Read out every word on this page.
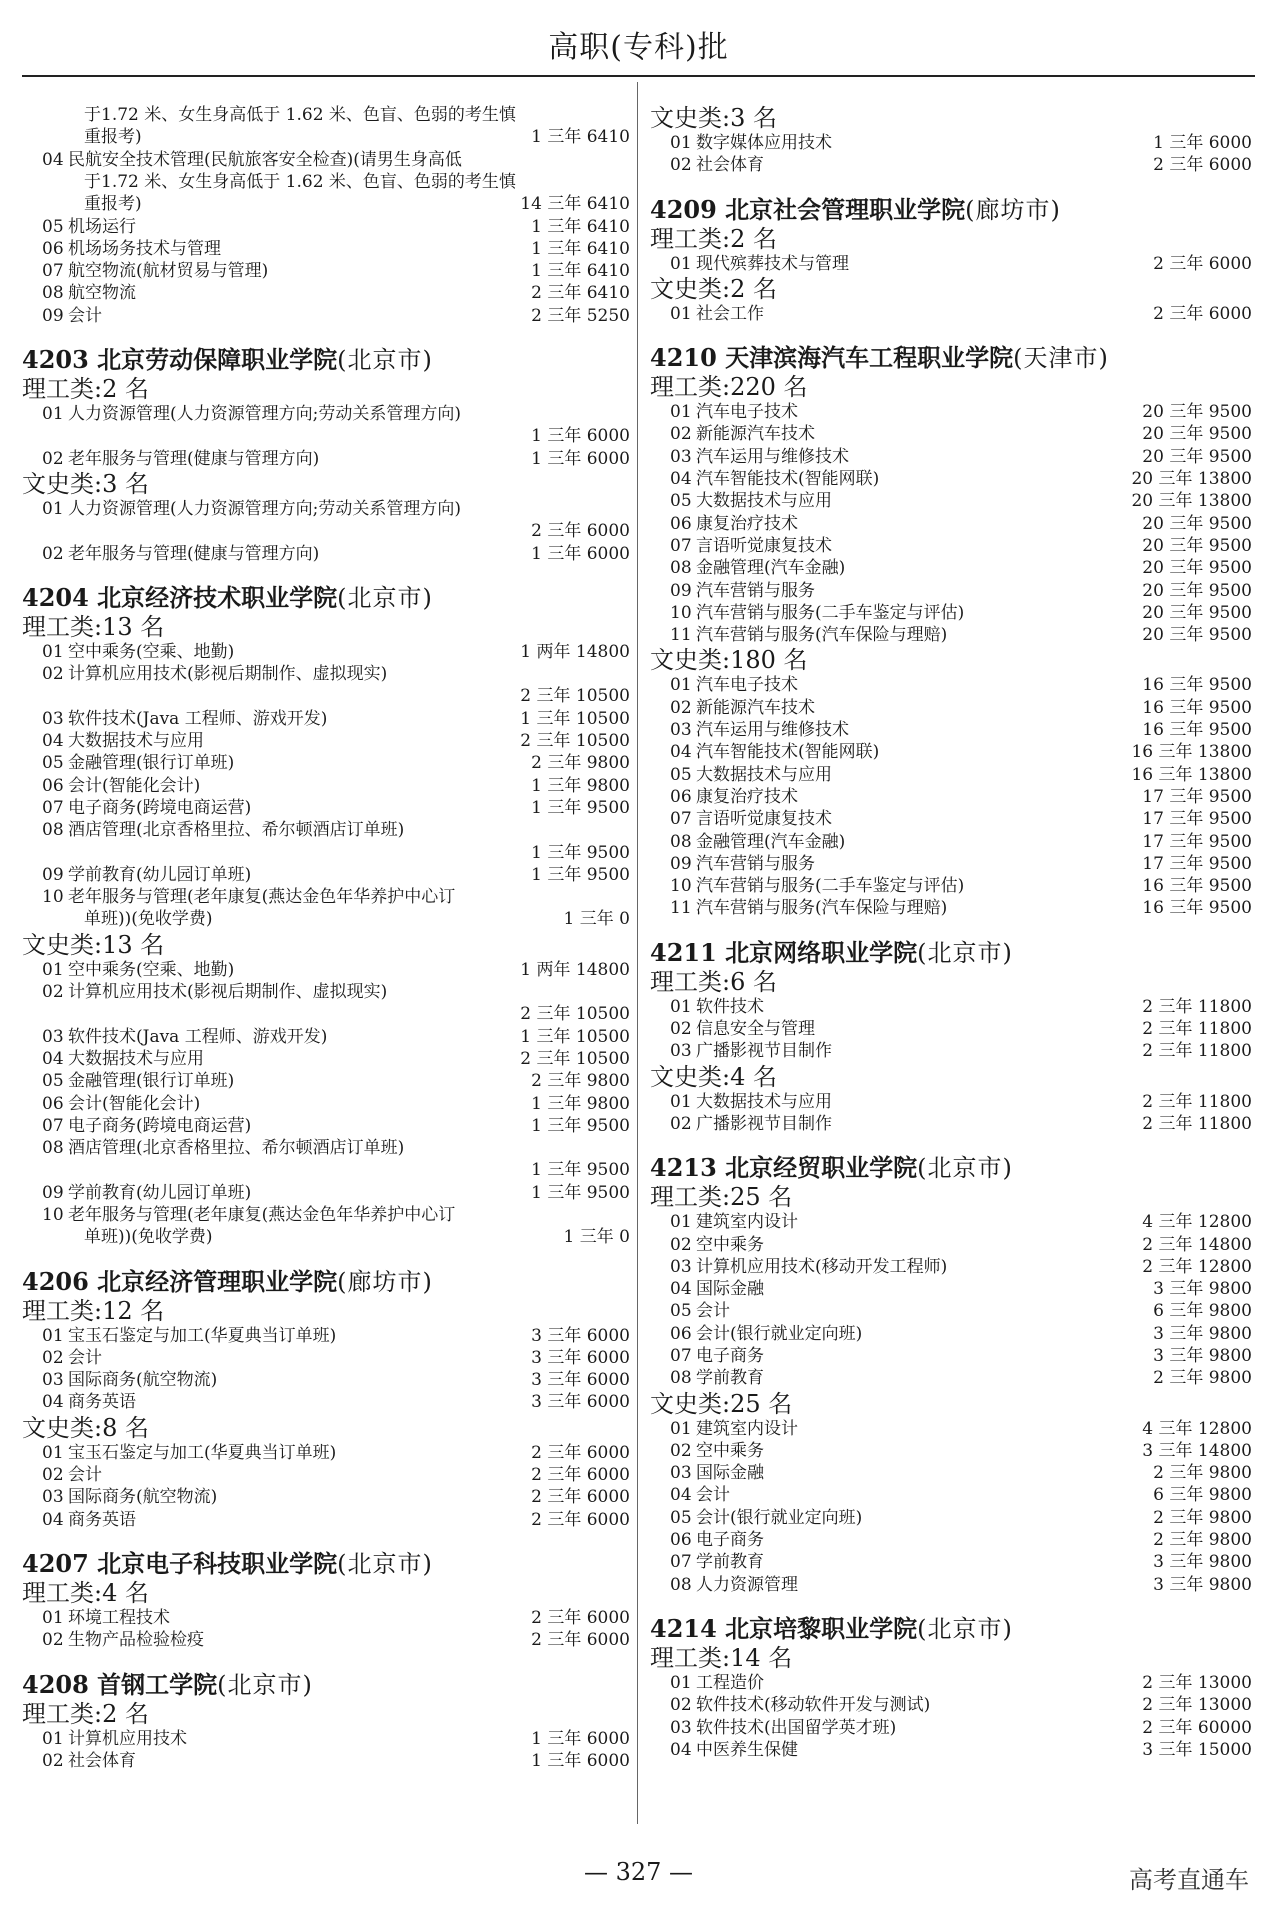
高职(专科)批
于1.72 米、女生身高低于 1.62 米、色盲、色弱的考生慎
重报考)	1 三年 6410
04 民航安全技术管理(民航旅客安全检查)(请男生身高低
于1.72 米、女生身高低于 1.62 米、色盲、色弱的考生慎
重报考)	14 三年 6410
05 机场运行	1 三年 6410
06 机场场务技术与管理	1 三年 6410
07 航空物流(航材贸易与管理)	1 三年 6410
08 航空物流	2 三年 6410
09 会计	2 三年 5250
4203 北京劳动保障职业学院(北京市)
理工类:2 名
01 人力资源管理(人力资源管理方向;劳动关系管理方向)
1 三年 6000
02 老年服务与管理(健康与管理方向)	1 三年 6000
文史类:3 名
01 人力资源管理(人力资源管理方向;劳动关系管理方向)
2 三年 6000
02 老年服务与管理(健康与管理方向)	1 三年 6000
4204 北京经济技术职业学院(北京市)
理工类:13 名
01 空中乘务(空乘、地勤)	1 两年 14800
02 计算机应用技术(影视后期制作、虚拟现实)
2 三年 10500
03 软件技术(Java 工程师、游戏开发)	1 三年 10500
04 大数据技术与应用	2 三年 10500
05 金融管理(银行订单班)	2 三年 9800
06 会计(智能化会计)	1 三年 9800
07 电子商务(跨境电商运营)	1 三年 9500
08 酒店管理(北京香格里拉、希尔顿酒店订单班)
1 三年 9500
09 学前教育(幼儿园订单班)	1 三年 9500
10 老年服务与管理(老年康复(燕达金色年华养护中心订
单班))(免收学费)	1 三年 0
文史类:13 名
01 空中乘务(空乘、地勤)	1 两年 14800
02 计算机应用技术(影视后期制作、虚拟现实)
2 三年 10500
03 软件技术(Java 工程师、游戏开发)	1 三年 10500
04 大数据技术与应用	2 三年 10500
05 金融管理(银行订单班)	2 三年 9800
06 会计(智能化会计)	1 三年 9800
07 电子商务(跨境电商运营)	1 三年 9500
08 酒店管理(北京香格里拉、希尔顿酒店订单班)
1 三年 9500
09 学前教育(幼儿园订单班)	1 三年 9500
10 老年服务与管理(老年康复(燕达金色年华养护中心订
单班))(免收学费)	1 三年 0
4206 北京经济管理职业学院(廊坊市)
理工类:12 名
01 宝玉石鉴定与加工(华夏典当订单班)	3 三年 6000
02 会计	3 三年 6000
03 国际商务(航空物流)	3 三年 6000
04 商务英语	3 三年 6000
文史类:8 名
01 宝玉石鉴定与加工(华夏典当订单班)	2 三年 6000
02 会计	2 三年 6000
03 国际商务(航空物流)	2 三年 6000
04 商务英语	2 三年 6000
4207 北京电子科技职业学院(北京市)
理工类:4 名
01 环境工程技术	2 三年 6000
02 生物产品检验检疫	2 三年 6000
4208 首钢工学院(北京市)
理工类:2 名
01 计算机应用技术	1 三年 6000
02 社会体育	1 三年 6000
文史类:3 名
01 数字媒体应用技术	1 三年 6000
02 社会体育	2 三年 6000
4209 北京社会管理职业学院(廊坊市)
理工类:2 名
01 现代殡葬技术与管理	2 三年 6000
文史类:2 名
01 社会工作	2 三年 6000
4210 天津滨海汽车工程职业学院(天津市)
理工类:220 名
01 汽车电子技术	20 三年 9500
02 新能源汽车技术	20 三年 9500
03 汽车运用与维修技术	20 三年 9500
04 汽车智能技术(智能网联)	20 三年 13800
05 大数据技术与应用	20 三年 13800
06 康复治疗技术	20 三年 9500
07 言语听觉康复技术	20 三年 9500
08 金融管理(汽车金融)	20 三年 9500
09 汽车营销与服务	20 三年 9500
10 汽车营销与服务(二手车鉴定与评估)	20 三年 9500
11 汽车营销与服务(汽车保险与理赔)	20 三年 9500
文史类:180 名
01 汽车电子技术	16 三年 9500
02 新能源汽车技术	16 三年 9500
03 汽车运用与维修技术	16 三年 9500
04 汽车智能技术(智能网联)	16 三年 13800
05 大数据技术与应用	16 三年 13800
06 康复治疗技术	17 三年 9500
07 言语听觉康复技术	17 三年 9500
08 金融管理(汽车金融)	17 三年 9500
09 汽车营销与服务	17 三年 9500
10 汽车营销与服务(二手车鉴定与评估)	16 三年 9500
11 汽车营销与服务(汽车保险与理赔)	16 三年 9500
4211 北京网络职业学院(北京市)
理工类:6 名
01 软件技术	2 三年 11800
02 信息安全与管理	2 三年 11800
03 广播影视节目制作	2 三年 11800
文史类:4 名
01 大数据技术与应用	2 三年 11800
02 广播影视节目制作	2 三年 11800
4213 北京经贸职业学院(北京市)
理工类:25 名
01 建筑室内设计	4 三年 12800
02 空中乘务	2 三年 14800
03 计算机应用技术(移动开发工程师)	2 三年 12800
04 国际金融	3 三年 9800
05 会计	6 三年 9800
06 会计(银行就业定向班)	3 三年 9800
07 电子商务	3 三年 9800
08 学前教育	2 三年 9800
文史类:25 名
01 建筑室内设计	4 三年 12800
02 空中乘务	3 三年 14800
03 国际金融	2 三年 9800
04 会计	6 三年 9800
05 会计(银行就业定向班)	2 三年 9800
06 电子商务	2 三年 9800
07 学前教育	3 三年 9800
08 人力资源管理	3 三年 9800
4214 北京培黎职业学院(北京市)
理工类:14 名
01 工程造价	2 三年 13000
02 软件技术(移动软件开发与测试)	2 三年 13000
03 软件技术(出国留学英才班)	2 三年 60000
04 中医养生保健	3 三年 15000
— 327 —	高考直通车
